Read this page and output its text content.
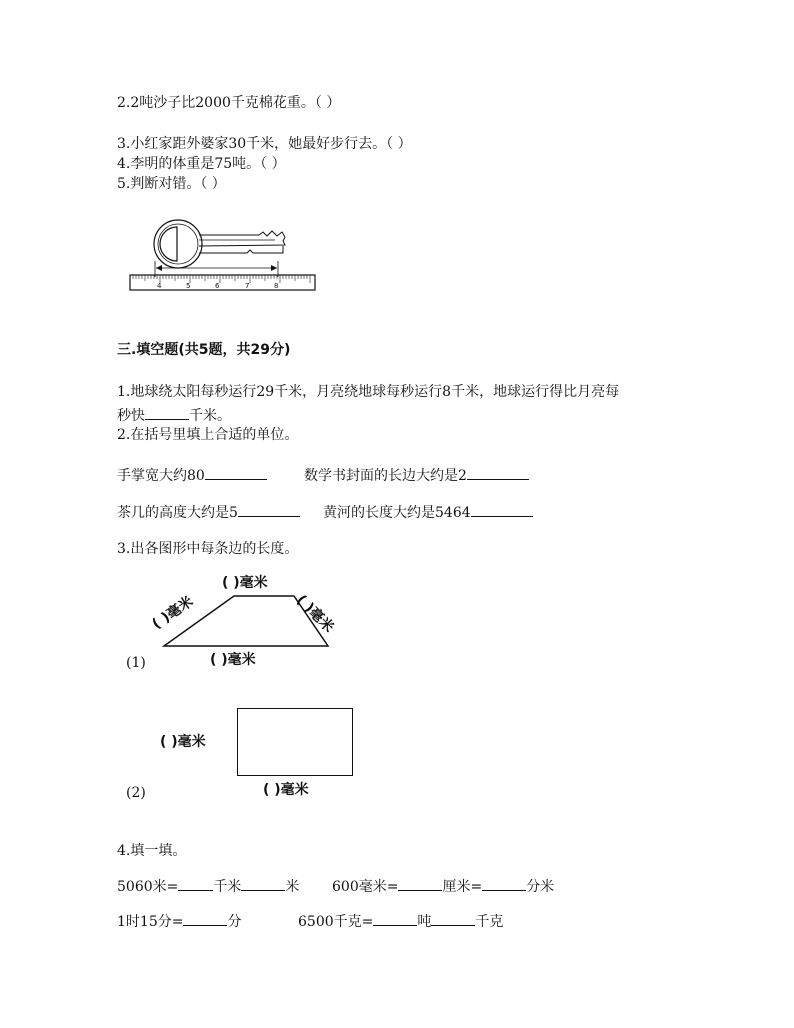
2.2吨沙子比2000千克棉花重。（ ）
3.小红家距外婆家30千米，她最好步行去。（ ）
4.李明的体重是75吨。（ ）
5.判断对错。（ ）
4	5	6	7	8
三.填空题(共5题，共29分)
1.地球绕太阳每秒运行29千米，月亮绕地球每秒运行8千米，地球运行得比月亮每
秒快	千米。
2.在括号里填上合适的单位。
手掌宽大约80	数学书封面的长边大约是2
茶几的高度大约是5	黄河的长度大约是5464
3.出各图形中每条边的长度。
( )毫米
( )毫米	( )毫米
( )毫米
(1)
( )毫米
( )毫米
(2)
4.填一填。
5060米=	千米	米 600毫米=	厘米=	分米
1时15分=	分	6500千克=	吨	千克
